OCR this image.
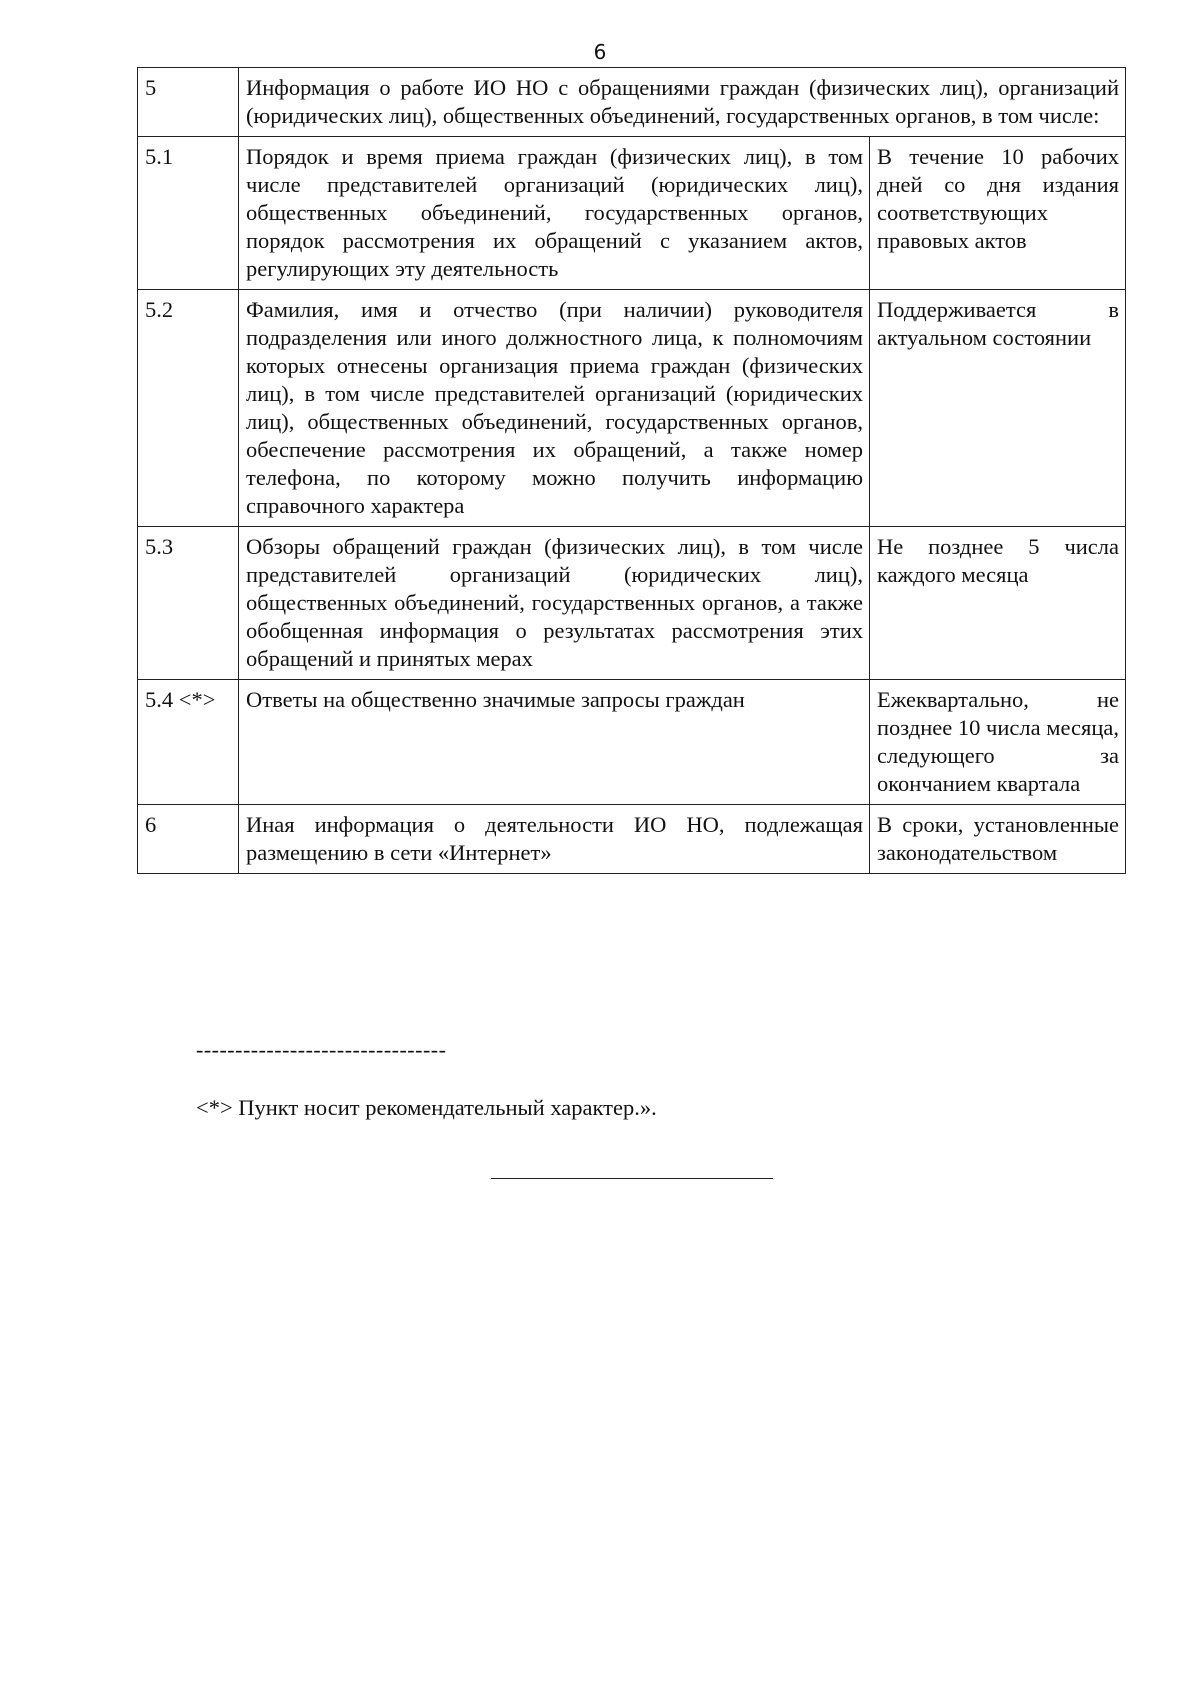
6
5	Информация о работе ИО НО с обращениями граждан (физических лиц), организаций (юридических лиц), общественных объединений, государственных органов, в том числе:	
5.1	Порядок и время приема граждан (физических лиц), в том числе представителей организаций (юридических лиц), общественных объединений, государственных органов, порядок рассмотрения их обращений с указанием актов, регулирующих эту деятельность	В течение 10 рабочих дней со дня издания соответствующих правовых актов
5.2	Фамилия, имя и отчество (при наличии) руководителя подразделения или иного должностного лица, к полномочиям которых отнесены организация приема граждан (физических лиц), в том числе представителей организаций (юридических лиц), общественных объединений, государственных органов, обеспечение рассмотрения их обращений, а также номер телефона, по которому можно получить информацию справочного характера	Поддерживается в актуальном состоянии
5.3	Обзоры обращений граждан (физических лиц), в том числе представителей организаций (юридических лиц), общественных объединений, государственных органов, а также обобщенная информация о результатах рассмотрения этих обращений и принятых мерах	Не позднее 5 числа каждого месяца
5.4 <*>	Ответы на общественно значимые запросы граждан	Ежеквартально, не позднее 10 числа месяца, следующего за окончанием квартала
6	Иная информация о деятельности ИО НО, подлежащая размещению в сети «Интернет»	В сроки, установленные законодательством
--------------------------------
<*> Пункт носит рекомендательный характер.».
